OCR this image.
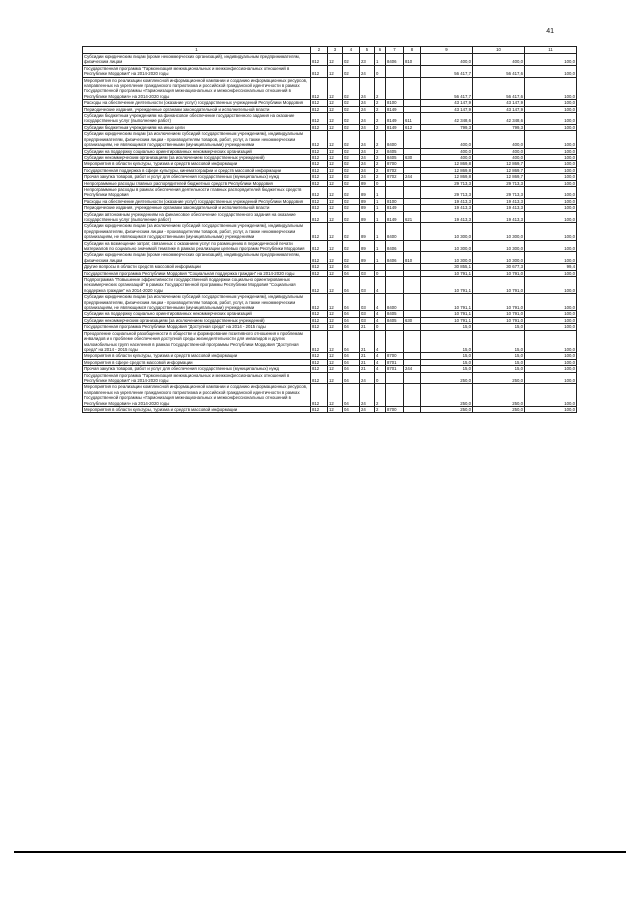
41
1	2	3	4	5	6	7	8	9	10	11
Субсидии юридическим лицам (кроме некоммерческих организаций), индивидуальным предпринимателям, физическим лицам	812	12	02	23	1	8406	810	400,0	400,0	100,0
Государственная программа "Гармонизация межнациональных и межконфессиональных отношений в Республике Мордовия" на 2014-2020 годы	812	12	02	24	0			56 417,7	56 417,6	100,0
Мероприятия по реализации комплексной информационной кампании и созданию информационных ресурсов, направленных на укрепление гражданского патриотизма и российской гражданской идентичности в рамках Государственной программы «Гармонизация межнациональных и межконфессиональных отношений в Республике Мордовия» на 2014-2020 годы	812	12	02	24	2			56 417,7	56 417,6	100,0
Расходы на обеспечение деятельности (оказание услуг) государственных учреждений Республики Мордовия	812	12	02	24	2	8100		43 147,9	43 147,9	100,0
Периодические издания, учрежденные органами законодательной и исполнительной власти	812	12	02	24	2	8149		43 147,9	43 147,9	100,0
Субсидии бюджетным учреждениям на финансовое обеспечение государственного задания на оказание государственных услуг (выполнение работ)	812	12	02	24	2	8149	611	42 348,6	42 348,6	100,0
Субсидии бюджетным учреждениям на иные цели	812	12	02	24	2	8149	612	799,3	799,3	100,0
Субсидии юридическим лицам (за исключением субсидий государственным учреждениям), индивидуальным предпринимателям, физическим лицам - производителям товаров, работ, услуг, а также некоммерческим организациям, не являющимся государственными (муниципальными) учреждениями	812	12	02	24	2	8400		400,0	400,0	100,0
Субсидии на поддержку социально ориентированных некоммерческих организаций	812	12	02	24	2	8405		400,0	400,0	100,0
Субсидии некоммерческим организациям (за исключением государственных учреждений)	812	12	02	24	2	8405	630	400,0	400,0	100,0
Мероприятия в области культуры, туризма и средств массовой информации	812	12	02	24	2	8700		12 869,8	12 869,7	100,0
Государственная поддержка в сфере культуры, кинематографии и средств массовой информации	812	12	02	24	2	8702		12 869,8	12 869,7	100,0
Прочая закупка товаров, работ и услуг для обеспечения государственных (муниципальных) нужд	812	12	02	24	2	8702	244	12 869,8	12 869,7	100,0
Непрограммные расходы главных распорядителей бюджетных средств Республики Мордовия	812	12	02	89	0			29 713,3	29 713,3	100,0
Непрограммные расходы в рамках обеспечения деятельности главных распорядителей бюджетных средств Республики Мордовия	812	12	02	89	1			29 713,3	29 713,3	100,0
Расходы на обеспечение деятельности (оказание услуг) государственных учреждений Республики Мордовия	812	12	02	89	1	8100		19 413,3	19 413,3	100,0
Периодические издания, учрежденные органами законодательной и исполнительной власти	812	12	02	89	1	8149		19 413,3	19 413,3	100,0
Субсидии автономным учреждениям на финансовое обеспечение государственного задания на оказание государственных услуг (выполнение работ)	812	12	02	89	1	8149	621	19 413,3	19 413,3	100,0
Субсидии юридическим лицам (за исключением субсидий государственным учреждениям), индивидуальным предпринимателям, физическим лицам - производителям товаров, работ, услуг, а также некоммерческим организациям, не являющимся государственными (муниципальными) учреждениями	812	12	02	89	1	8400		10 300,0	10 300,0	100,0
Субсидии на возмещение затрат, связанных с оказанием услуг по размещению в периодической печати материалов по социально значимой тематике в рамках реализации целевых программ Республики Мордовия	812	12	02	89	1	8406		10 300,0	10 300,0	100,0
Субсидии юридическим лицам (кроме некоммерческих организаций), индивидуальным предпринимателям, физическим лицам	812	12	02	89	1	8406	810	10 300,0	10 300,0	100,0
Другие вопросы в области средств массовой информации	812	12	04					30 855,1	30 677,3	99,4
Государственная программа Республики Мордовия "Социальная поддержка граждан" на 2014-2020 годы	812	12	04	03	0			10 791,1	10 791,0	100,0
Подпрограмма "Повышение эффективности государственной поддержки социально ориентированных некоммерческих организаций" в рамках Государственной программы Республики Мордовия "Социальная поддержка граждан" на 2014-2020 годы	812	12	04	03	4			10 791,1	10 791,0	100,0
Субсидии юридическим лицам (за исключением субсидий государственным учреждениям), индивидуальным предпринимателям, физическим лицам - производителям товаров, работ, услуг, а также некоммерческим организациям, не являющимся государственными (муниципальными) учреждениями	812	12	04	03	4	8400		10 791,1	10 791,0	100,0
Субсидии на поддержку социально ориентированных некоммерческих организаций	812	12	04	03	4	8405		10 791,1	10 791,0	100,0
Субсидии некоммерческим организациям (за исключением государственных учреждений)	812	12	04	03	4	8405	630	10 791,1	10 791,0	100,0
Государственная программа Республики Мордовия "Доступная среда" на 2014 - 2015 годы	812	12	04	21	0			15,0	15,0	100,0
Преодоление социальной разобщенности в обществе и формирование позитивного отношения к проблемам инвалидов и к проблеме обеспечения доступной среды жизнедеятельности для инвалидов и других маломобильных групп населения в рамках Государственной программы Республики Мордовия "Доступная среда" на 2014 - 2015 годы	812	12	04	21	4			15,0	15,0	100,0
Мероприятия в области культуры, туризма и средств массовой информации	812	12	04	21	4	8700		15,0	15,0	100,0
Мероприятия в сфере средств массовой информации	812	12	04	21	4	8701		15,0	15,0	100,0
Прочая закупка товаров, работ и услуг для обеспечения государственных (муниципальных) нужд	812	12	04	21	4	8701	244	15,0	15,0	100,0
Государственная программа "Гармонизация межнациональных и межконфессиональных отношений в Республике Мордовия" на 2014-2020 годы	812	12	04	24	0			250,0	250,0	100,0
Мероприятия по реализации комплексной информационной кампании и созданию информационных ресурсов, направленных на укрепление гражданского патриотизма и российской гражданской идентичности в рамках Государственной программы «Гармонизация межнациональных и межконфессиональных отношений в Республике Мордовия» на 2014-2020 годы	812	12	04	24	2			250,0	250,0	100,0
Мероприятия в области культуры, туризма и средств массовой информации	812	12	04	24	2	8700		250,0	250,0	100,0
